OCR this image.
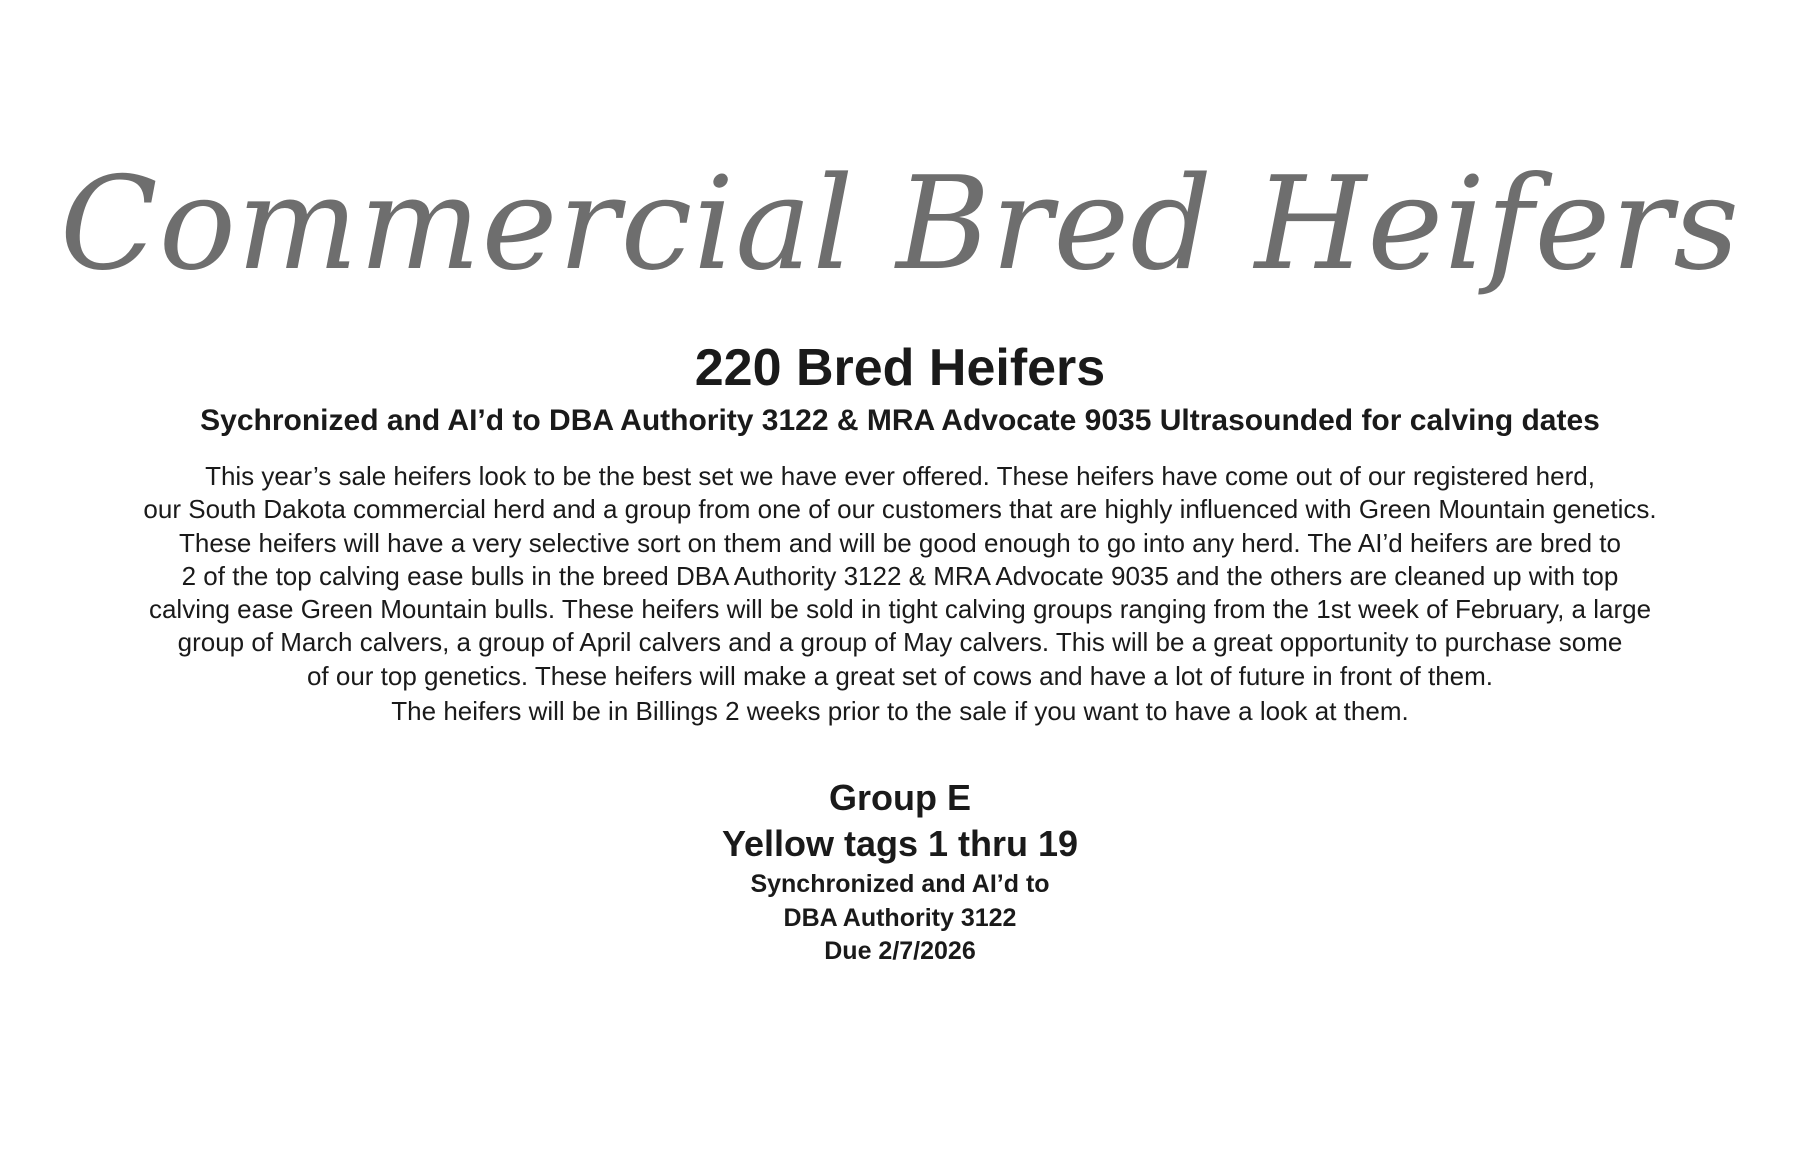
Commercial Bred Heifers
220 Bred Heifers
Sychronized and AI’d to DBA Authority 3122 & MRA Advocate 9035 Ultrasounded for calving dates
This year’s sale heifers look to be the best set we have ever offered. These heifers have come out of our registered herd,
our South Dakota commercial herd and a group from one of our customers that are highly influenced with Green Mountain genetics.
These heifers will have a very selective sort on them and will be good enough to go into any herd. The AI’d heifers are bred to
2 of the top calving ease bulls in the breed DBA Authority 3122 & MRA Advocate 9035 and the others are cleaned up with top
calving ease Green Mountain bulls. These heifers will be sold in tight calving groups ranging from the 1st week of February, a large
group of March calvers, a group of April calvers and a group of May calvers. This will be a great opportunity to purchase some
of our top genetics. These heifers will make a great set of cows and have a lot of future in front of them.
The heifers will be in Billings 2 weeks prior to the sale if you want to have a look at them.
Group E
Yellow tags 1 thru 19
Synchronized and AI’d to
DBA Authority 3122
Due 2/7/2026
